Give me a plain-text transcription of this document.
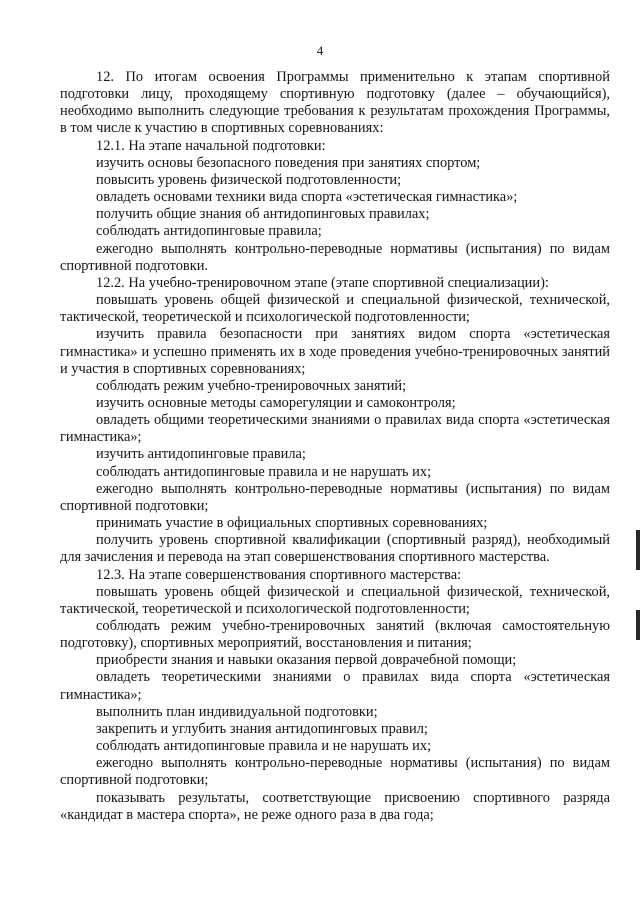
4

12. По итогам освоения Программы применительно к этапам спортивной подготовки лицу, проходящему спортивную подготовку (далее – обучающийся), необходимо выполнить следующие требования к результатам прохождения Программы, в том числе к участию в спортивных соревнованиях:

12.1. На этапе начальной подготовки:

изучить основы безопасного поведения при занятиях спортом;

повысить уровень физической подготовленности;

овладеть основами техники вида спорта «эстетическая гимнастика»;

получить общие знания об антидопинговых правилах;

соблюдать антидопинговые правила;

ежегодно выполнять контрольно-переводные нормативы (испытания) по видам спортивной подготовки.

12.2. На учебно-тренировочном этапе (этапе спортивной специализации):

повышать уровень общей физической и специальной физической, технической, тактической, теоретической и психологической подготовленности;

изучить правила безопасности при занятиях видом спорта «эстетическая гимнастика» и успешно применять их в ходе проведения учебно-тренировочных занятий и участия в спортивных соревнованиях;

соблюдать режим учебно-тренировочных занятий;

изучить основные методы саморегуляции и самоконтроля;

овладеть общими теоретическими знаниями о правилах вида спорта «эстетическая гимнастика»;

изучить антидопинговые правила;

соблюдать антидопинговые правила и не нарушать их;

ежегодно выполнять контрольно-переводные нормативы (испытания) по видам спортивной подготовки;

принимать участие в официальных спортивных соревнованиях;

получить уровень спортивной квалификации (спортивный разряд), необходимый для зачисления и перевода на этап совершенствования спортивного мастерства.

12.3. На этапе совершенствования спортивного мастерства:

повышать уровень общей физической и специальной физической, технической, тактической, теоретической и психологической подготовленности;

соблюдать режим учебно-тренировочных занятий (включая самостоятельную подготовку), спортивных мероприятий, восстановления и питания;

приобрести знания и навыки оказания первой доврачебной помощи;

овладеть теоретическими знаниями о правилах вида спорта «эстетическая гимнастика»;

выполнить план индивидуальной подготовки;

закрепить и углубить знания антидопинговых правил;

соблюдать антидопинговые правила и не нарушать их;

ежегодно выполнять контрольно-переводные нормативы (испытания) по видам спортивной подготовки;

показывать результаты, соответствующие присвоению спортивного разряда «кандидат в мастера спорта», не реже одного раза в два года;
